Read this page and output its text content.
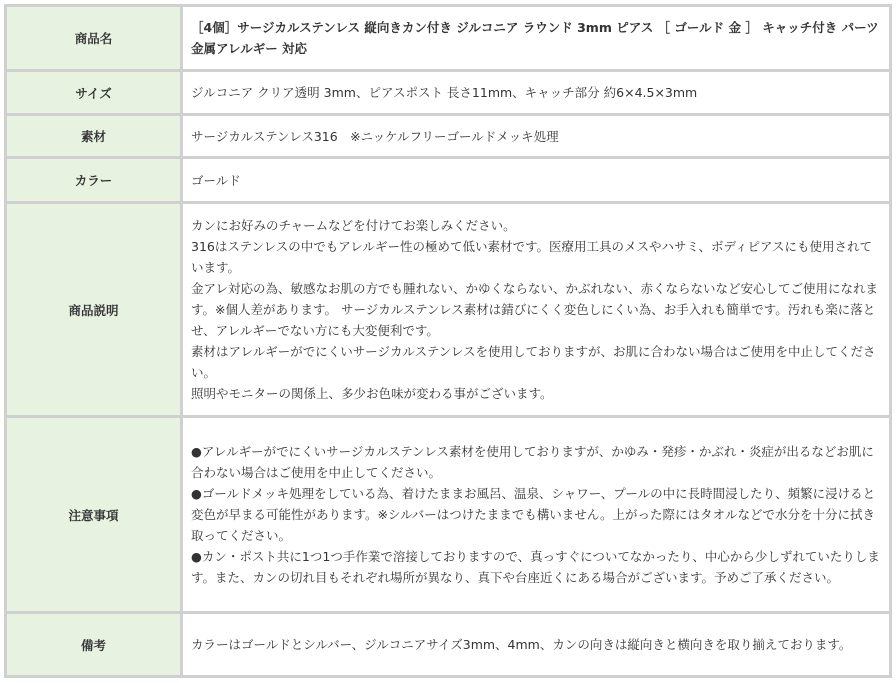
商品名	［4個］サージカルステンレス 縦向きカン付き ジルコニア ラウンド 3mm ピアス ［ ゴールド 金 ］ キャッチ付き パーツ 金属アレルギー 対応
サイズ	ジルコニア クリア透明 3mm、ピアスポスト 長さ11mm、キャッチ部分 約6×4.5×3mm
素材	サージカルステンレス316　※ニッケルフリーゴールドメッキ処理
カラー	ゴールド
商品説明	カンにお好みのチャームなどを付けてお楽しみください。

316はステンレスの中でもアレルギー性の極めて低い素材です。医療用工具のメスやハサミ、ボディピアスにも使用されています。

金アレ対応の為、敏感なお肌の方でも腫れない、かゆくならない、かぶれない、赤くならないなど安心してご使用になれます。※個人差があります。 サージカルステンレス素材は錆びにくく変色しにくい為、お手入れも簡単です。汚れも楽に落とせ、アレルギーでない方にも大変便利です。

素材はアレルギーがでにくいサージカルステンレスを使用しておりますが、お肌に合わない場合はご使用を中止してください。

照明やモニターの関係上、多少お色味が変わる事がございます。

注意事項	●アレルギーがでにくいサージカルステンレス素材を使用しておりますが、かゆみ・発疹・かぶれ・炎症が出るなどお肌に合わない場合はご使用を中止してください。

●ゴールドメッキ処理をしている為、着けたままお風呂、温泉、シャワー、プールの中に長時間浸したり、頻繁に浸けると変色が早まる可能性があります。※シルバーはつけたままでも構いません。上がった際にはタオルなどで水分を十分に拭き取ってください。

●カン・ポスト共に1つ1つ手作業で溶接しておりますので、真っすぐについてなかったり、中心から少しずれていたりします。また、カンの切れ目もそれぞれ場所が異なり、真下や台座近くにある場合がございます。予めご了承ください。

備考	カラーはゴールドとシルバー、ジルコニアサイズ3mm、4mm、カンの向きは縦向きと横向きを取り揃えております。
